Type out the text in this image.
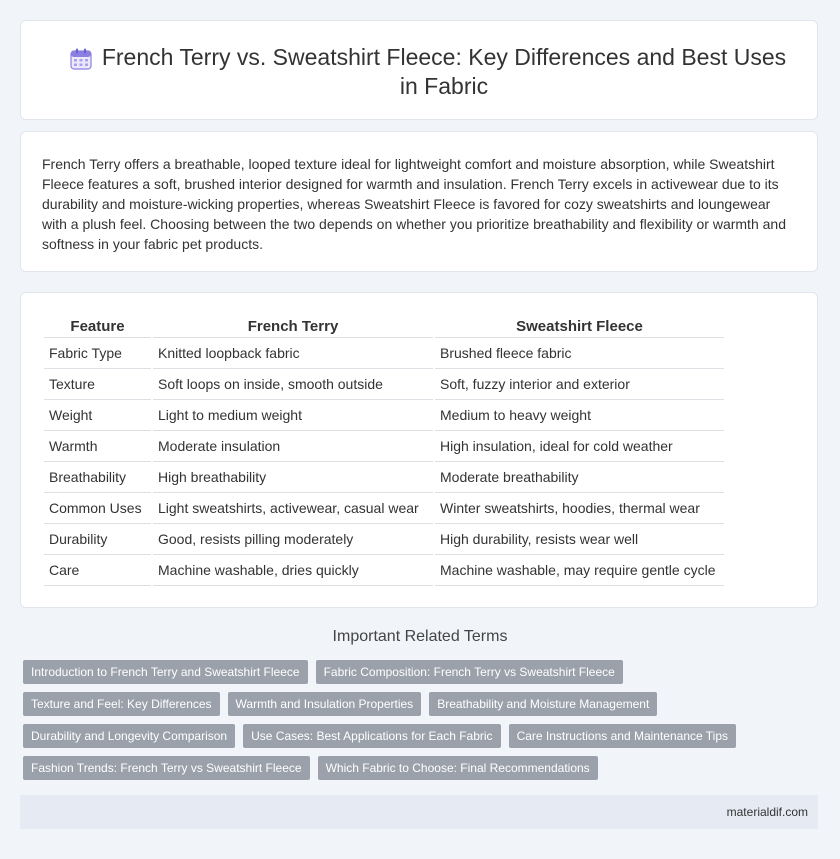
French Terry vs. Sweatshirt Fleece: Key Differences and Best Uses in Fabric

French Terry offers a breathable, looped texture ideal for lightweight comfort and moisture absorption, while Sweatshirt Fleece features a soft, brushed interior designed for warmth and insulation. French Terry excels in activewear due to its durability and moisture-wicking properties, whereas Sweatshirt Fleece is favored for cozy sweatshirts and loungewear with a plush feel. Choosing between the two depends on whether you prioritize breathability and flexibility or warmth and softness in your fabric pet products.

Feature	French Terry	Sweatshirt Fleece
Fabric Type	Knitted loopback fabric	Brushed fleece fabric
Texture	Soft loops on inside, smooth outside	Soft, fuzzy interior and exterior
Weight	Light to medium weight	Medium to heavy weight
Warmth	Moderate insulation	High insulation, ideal for cold weather
Breathability	High breathability	Moderate breathability
Common Uses	Light sweatshirts, activewear, casual wear	Winter sweatshirts, hoodies, thermal wear
Durability	Good, resists pilling moderately	High durability, resists wear well
Care	Machine washable, dries quickly	Machine washable, may require gentle cycle
Important Related Terms
Introduction to French Terry and Sweatshirt Fleece	Fabric Composition: French Terry vs Sweatshirt Fleece
Texture and Feel: Key Differences	Warmth and Insulation Properties	Breathability and Moisture Management
Durability and Longevity Comparison	Use Cases: Best Applications for Each Fabric	Care Instructions and Maintenance Tips
Fashion Trends: French Terry vs Sweatshirt Fleece	Which Fabric to Choose: Final Recommendations
materialdif.com
